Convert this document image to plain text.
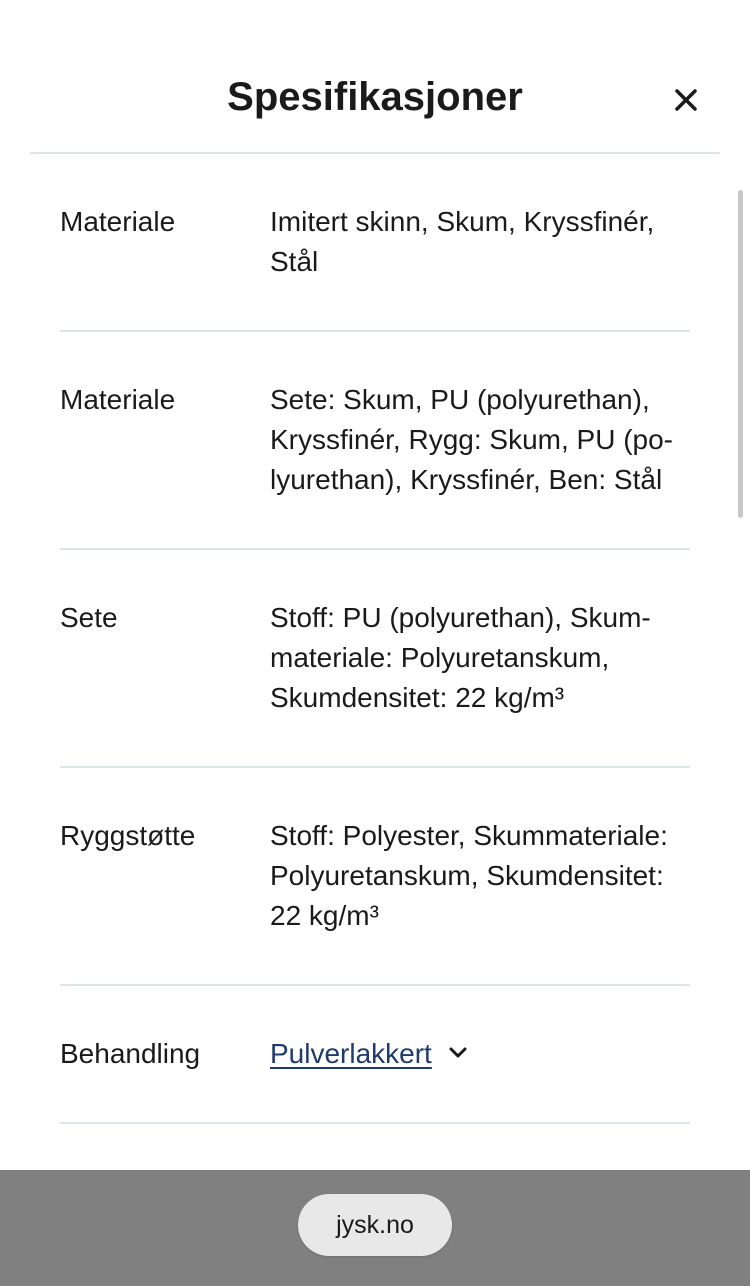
Spesifikasjoner
Materiale	Imitert skinn, Skum, Kryssfinér,
Stål
Materiale	Sete: Skum, PU (polyurethan),
Kryssfinér, Rygg: Skum, PU (po-
lyurethan), Kryssfinér, Ben: Stål
Sete	Stoff: PU (polyurethan), Skum-
materiale: Polyuretanskum,
Skumdensitet: 22 kg/m³
Ryggstøtte	Stoff: Polyester, Skummateriale:
Polyuretanskum, Skumdensitet:
22 kg/m³
Behandling Pulverlakkert
jysk.no
